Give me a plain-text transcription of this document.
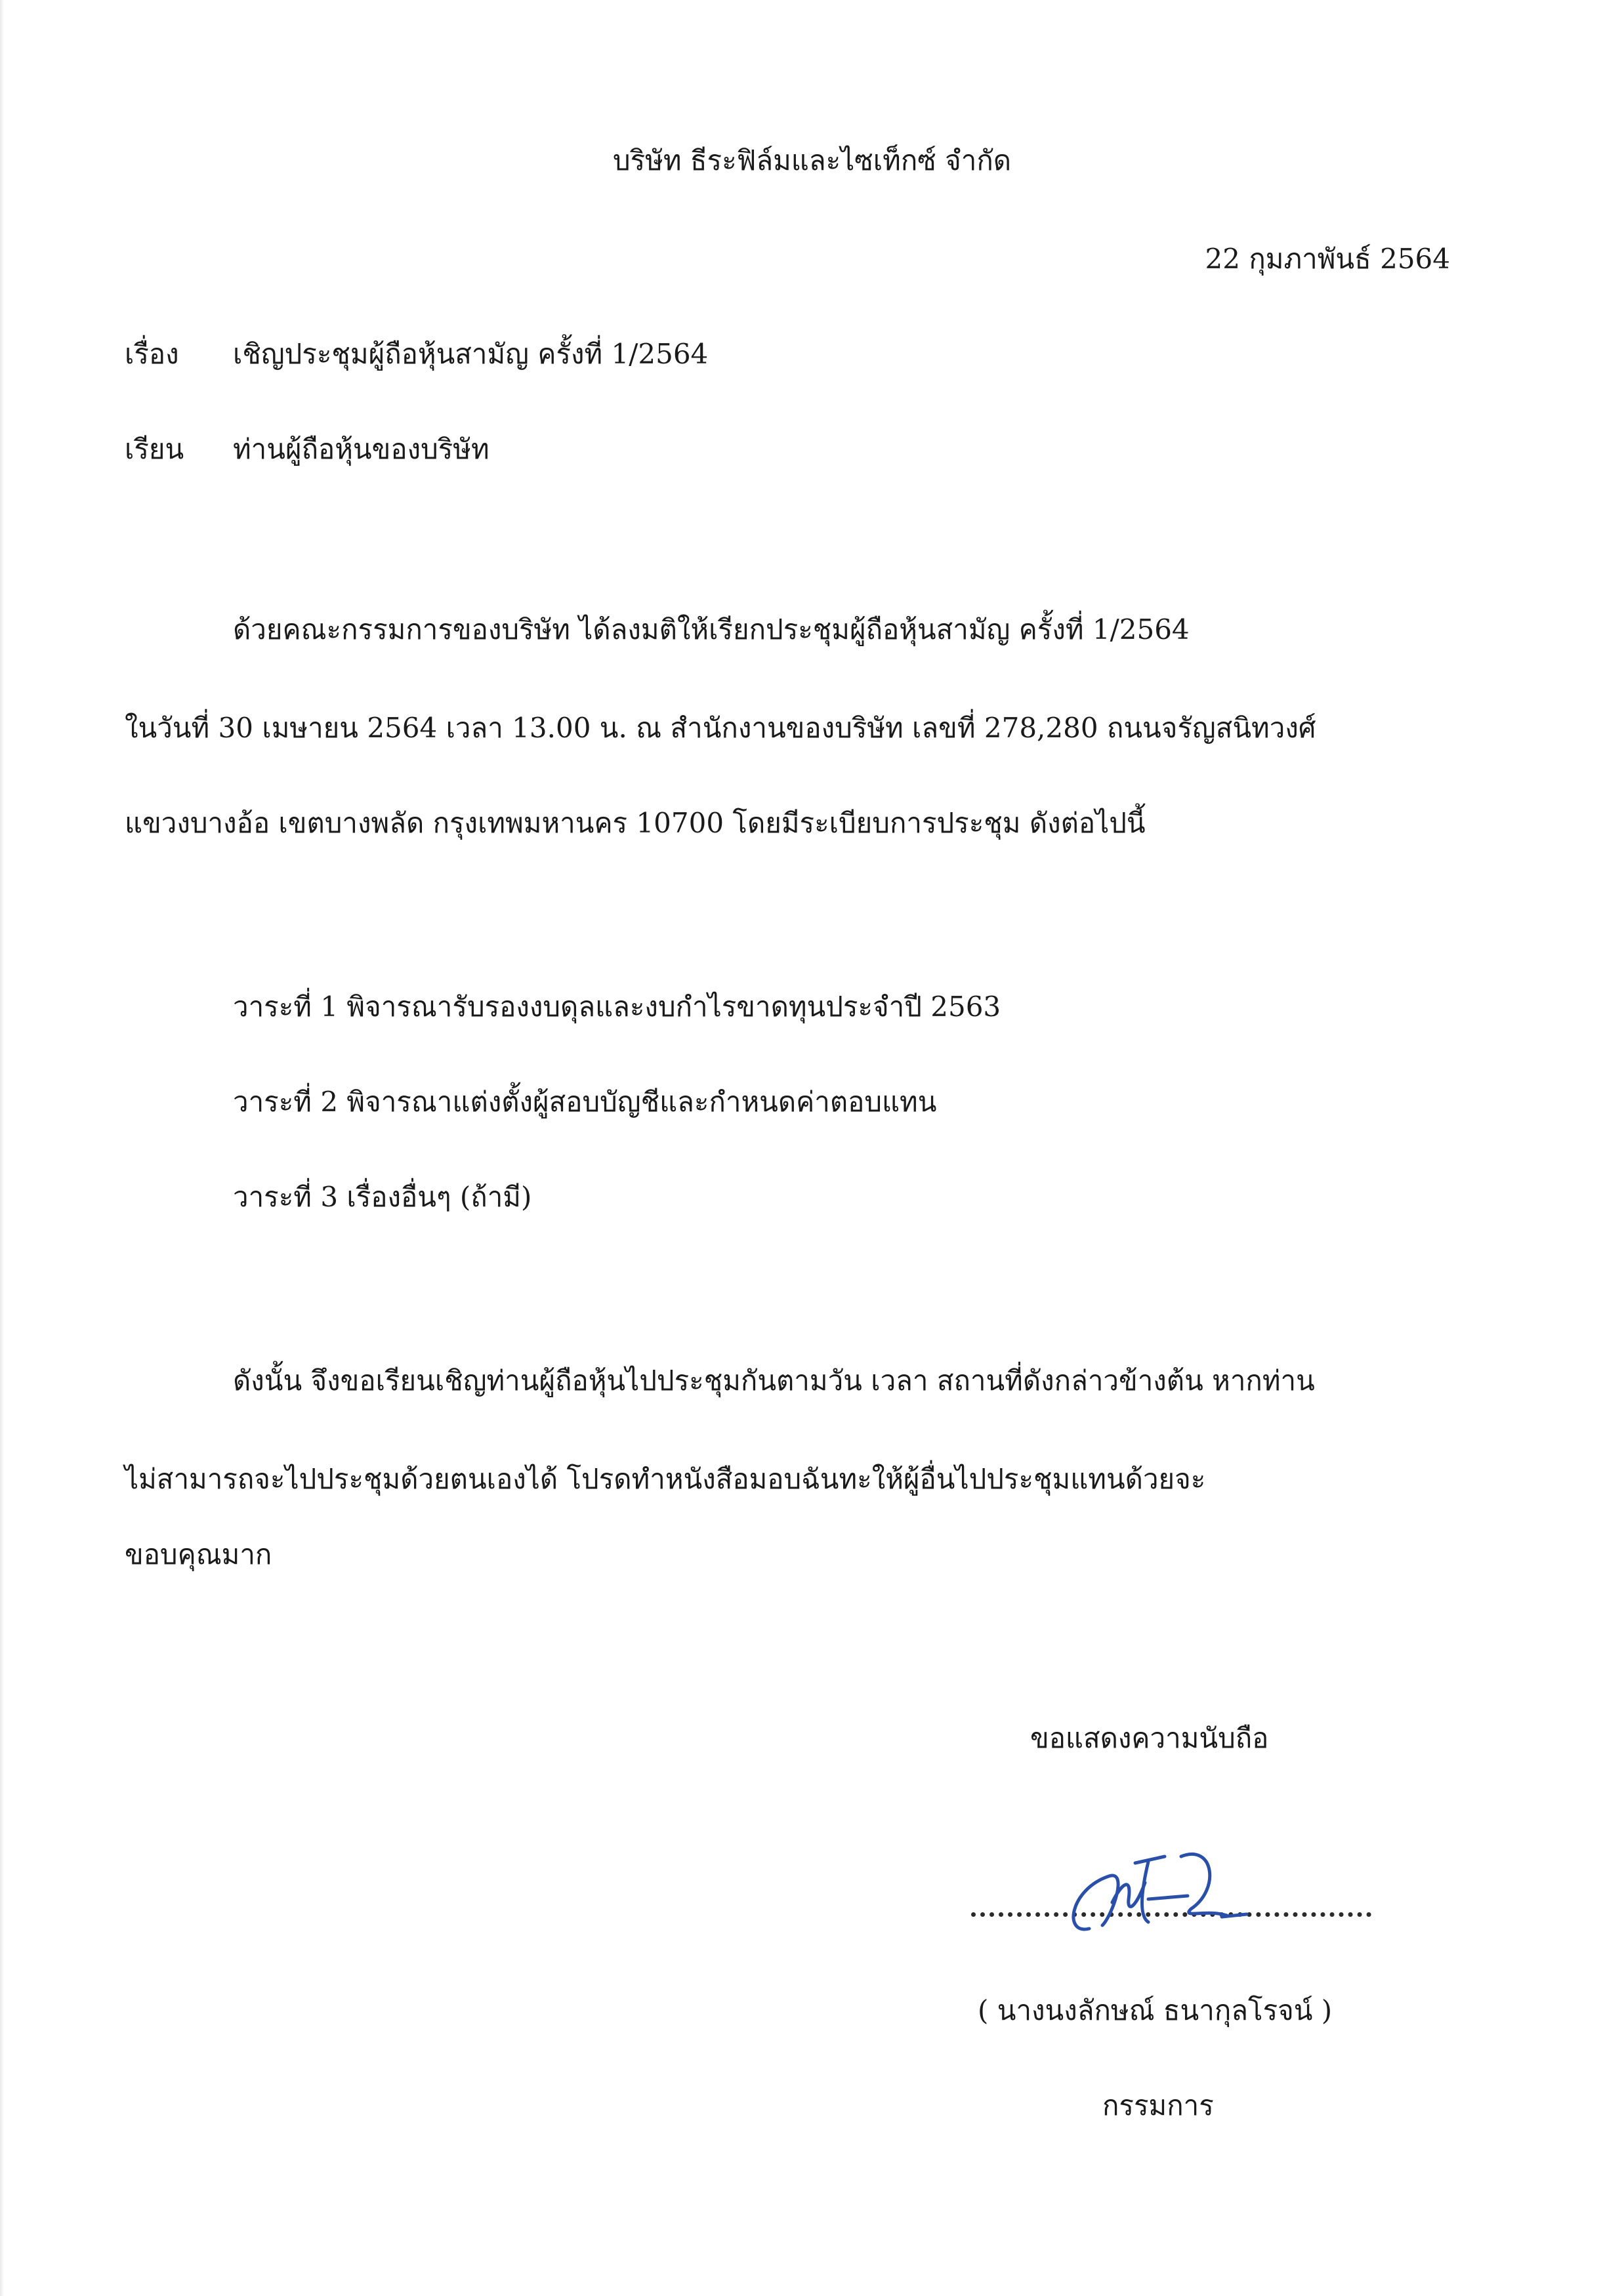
บริษัท ธีระฟิล์มและไซเท็กซ์ จำกัด
22 กุมภาพันธ์ 2564
เรื่อง เชิญประชุมผู้ถือหุ้นสามัญ ครั้งที่ 1/2564
เรียน ท่านผู้ถือหุ้นของบริษัท
ด้วยคณะกรรมการของบริษัท ได้ลงมติให้เรียกประชุมผู้ถือหุ้นสามัญ ครั้งที่ 1/2564
ในวันที่ 30 เมษายน 2564 เวลา 13.00 น. ณ สำนักงานของบริษัท เลขที่ 278,280 ถนนจรัญสนิทวงศ์
แขวงบางอ้อ เขตบางพลัด กรุงเทพมหานคร 10700 โดยมีระเบียบการประชุม ดังต่อไปนี้
วาระที่ 1 พิจารณารับรองงบดุลและงบกำไรขาดทุนประจำปี 2563
วาระที่ 2 พิจารณาแต่งตั้งผู้สอบบัญชีและกำหนดค่าตอบแทน
วาระที่ 3 เรื่องอื่นๆ (ถ้ามี)
ดังนั้น จึงขอเรียนเชิญท่านผู้ถือหุ้นไปประชุมกันตามวัน เวลา สถานที่ดังกล่าวข้างต้น หากท่าน
ไม่สามารถจะไปประชุมด้วยตนเองได้ โปรดทำหนังสือมอบฉันทะให้ผู้อื่นไปประชุมแทนด้วยจะ
ขอบคุณมาก
ขอแสดงความนับถือ
( นางนงลักษณ์ ธนากุลโรจน์ )
กรรมการ
